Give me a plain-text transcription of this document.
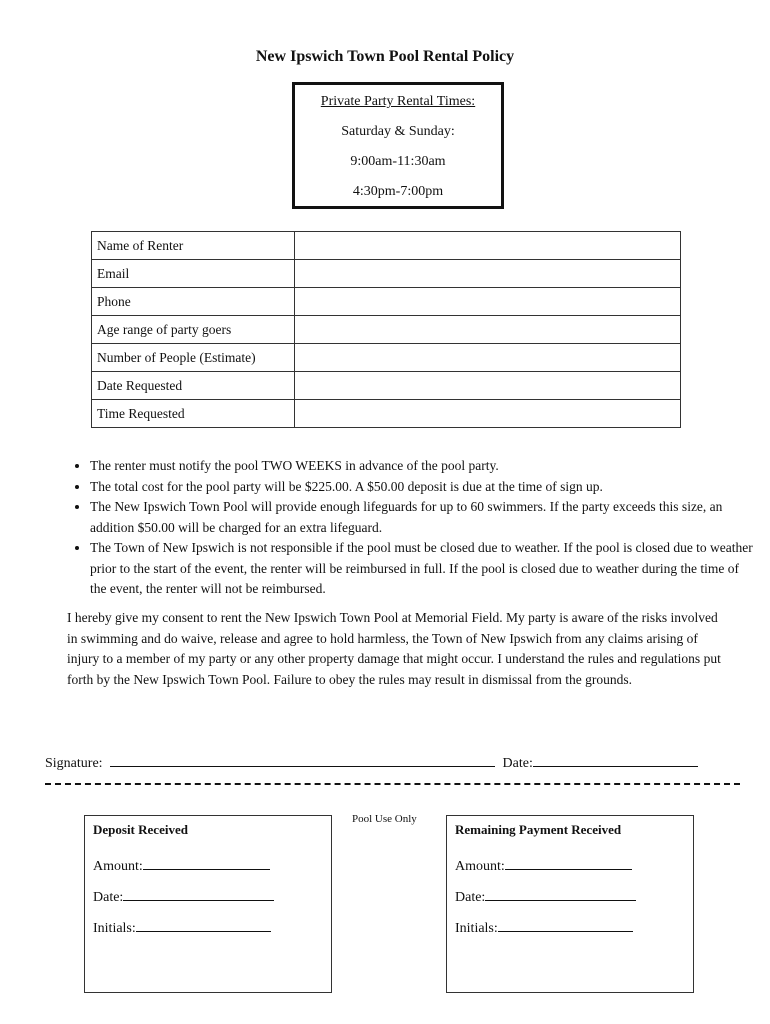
New Ipswich Town Pool Rental Policy
Private Party Rental Times:
Saturday & Sunday:
9:00am-11:30am
4:30pm-7:00pm
Name of Renter	
Email	
Phone	
Age range of party goers	
Number of People (Estimate)	
Date Requested	
Time Requested	
• The renter must notify the pool TWO WEEKS in advance of the pool party.
• The total cost for the pool party will be $225.00. A $50.00 deposit is due at the time of sign up.
• The New Ipswich Town Pool will provide enough lifeguards for up to 60 swimmers. If the party exceeds this size, an addition $50.00 will be charged for an extra lifeguard.
• The Town of New Ipswich is not responsible if the pool must be closed due to weather. If the pool is closed due to weather prior to the start of the event, the renter will be reimbursed in full. If the pool is closed due to weather during the time of the event, the renter will not be reimbursed.

I hereby give my consent to rent the New Ipswich Town Pool at Memorial Field. My party is aware of the risks involved in swimming and do waive, release and agree to hold harmless, the Town of New Ipswich from any claims arising of injury to a member of my party or any other property damage that might occur. I understand the rules and regulations put forth by the New Ipswich Town Pool. Failure to obey the rules may result in dismissal from the grounds.

Signature:	Date:
Pool Use Only
Deposit Received
Amount:
Date:
Initials:
Remaining Payment Received
Amount:
Date:
Initials:
